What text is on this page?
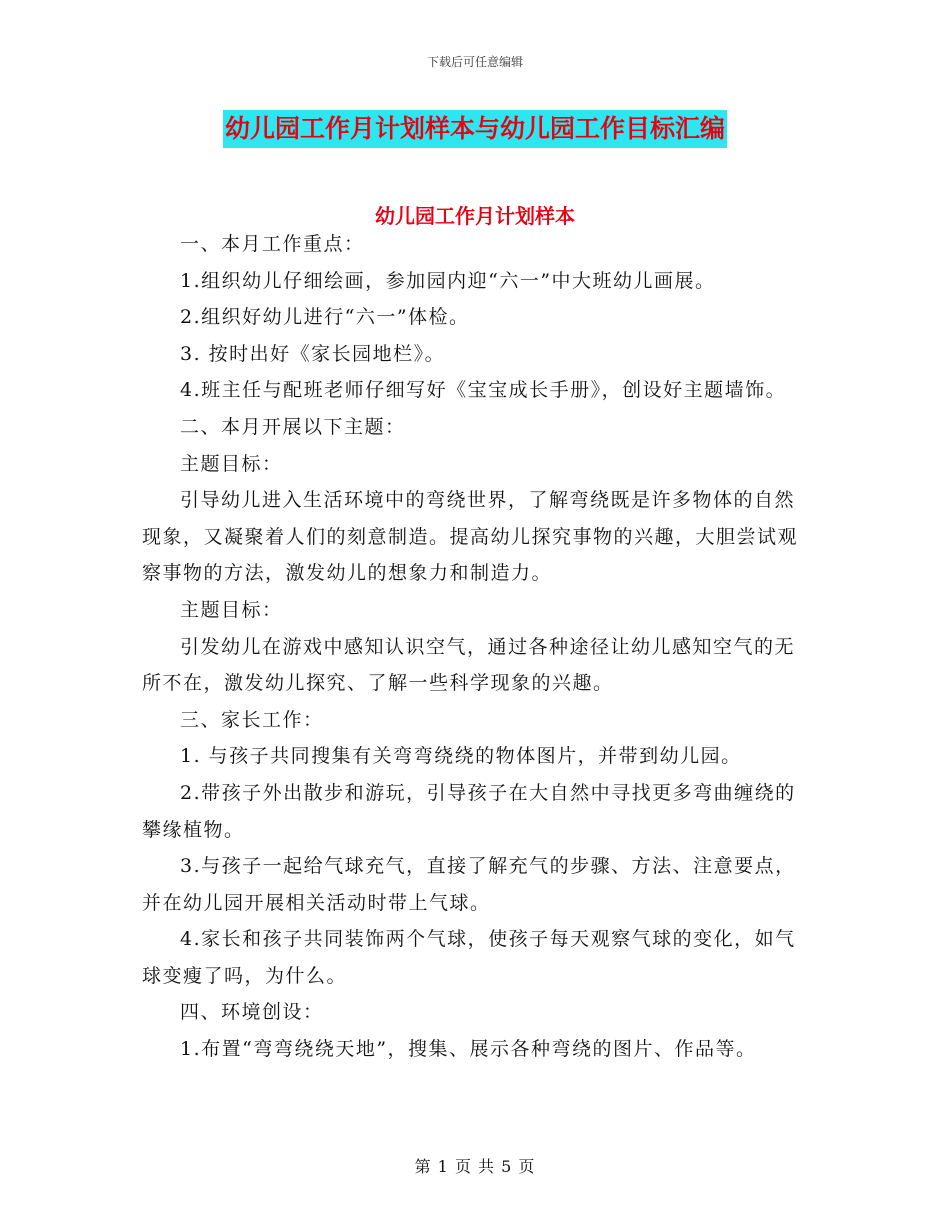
下载后可任意编辑
幼儿园工作月计划样本与幼儿园工作目标汇编
幼儿园工作月计划样本

一、本月工作重点：

1.组织幼儿仔细绘画，参加园内迎“六一”中大班幼儿画展。

2.组织好幼儿进行“六一”体检。

3. 按时出好《家长园地栏》。

4.班主任与配班老师仔细写好《宝宝成长手册》，创设好主题墙饰。

二、本月开展以下主题：

主题目标：

引导幼儿进入生活环境中的弯绕世界，了解弯绕既是许多物体的自然现象，又凝聚着人们的刻意制造。提高幼儿探究事物的兴趣，大胆尝试观察事物的方法，激发幼儿的想象力和制造力。

主题目标：

引发幼儿在游戏中感知认识空气，通过各种途径让幼儿感知空气的无所不在，激发幼儿探究、了解一些科学现象的兴趣。

三、家长工作：

1. 与孩子共同搜集有关弯弯绕绕的物体图片，并带到幼儿园。

2.带孩子外出散步和游玩，引导孩子在大自然中寻找更多弯曲缠绕的攀缘植物。

3.与孩子一起给气球充气，直接了解充气的步骤、方法、注意要点，并在幼儿园开展相关活动时带上气球。

4.家长和孩子共同装饰两个气球，使孩子每天观察气球的变化，如气球变瘦了吗，为什么。

四、环境创设：

1.布置“弯弯绕绕天地”，搜集、展示各种弯绕的图片、作品等。

第 1 页 共 5 页
